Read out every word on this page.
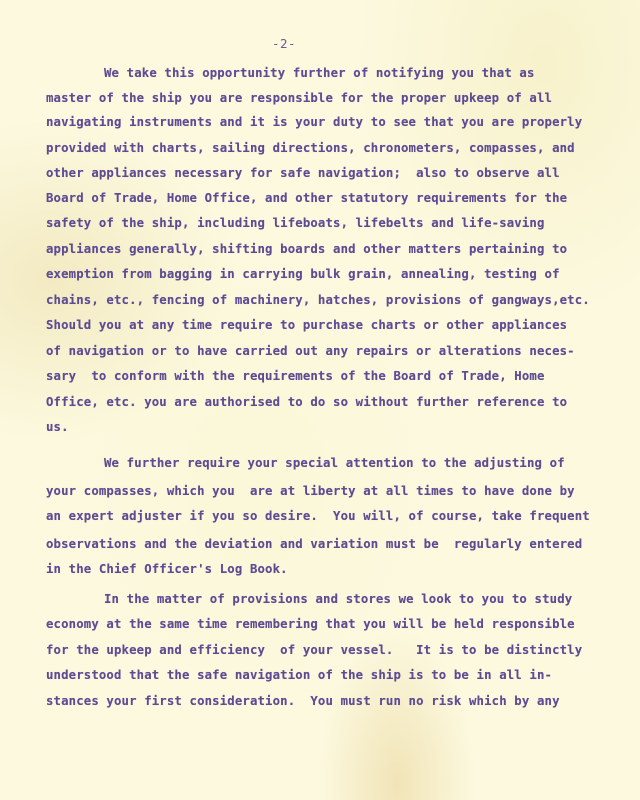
-2-
We take this opportunity further of notifying you that as
master of the ship you are responsible for the proper upkeep of all
navigating instruments and it is your duty to see that you are properly
provided with charts, sailing directions, chronometers, compasses, and
other appliances necessary for safe navigation;  also to observe all
Board of Trade, Home Office, and other statutory requirements for the
safety of the ship, including lifeboats, lifebelts and life-saving
appliances generally, shifting boards and other matters pertaining to
exemption from bagging in carrying bulk grain, annealing, testing of
chains, etc., fencing of machinery, hatches, provisions of gangways,etc.
Should you at any time require to purchase charts or other appliances
of navigation or to have carried out any repairs or alterations neces-
sary  to conform with the requirements of the Board of Trade, Home
Office, etc. you are authorised to do so without further reference to
us.
We further require your special attention to the adjusting of
your compasses, which you  are at liberty at all times to have done by
an expert adjuster if you so desire.  You will, of course, take frequent
observations and the deviation and variation must be  regularly entered
in the Chief Officer's Log Book.
In the matter of provisions and stores we look to you to study
economy at the same time remembering that you will be held responsible
for the upkeep and efficiency  of your vessel.   It is to be distinctly
understood that the safe navigation of the ship is to be in all in-
stances your first consideration.  You must run no risk which by any
